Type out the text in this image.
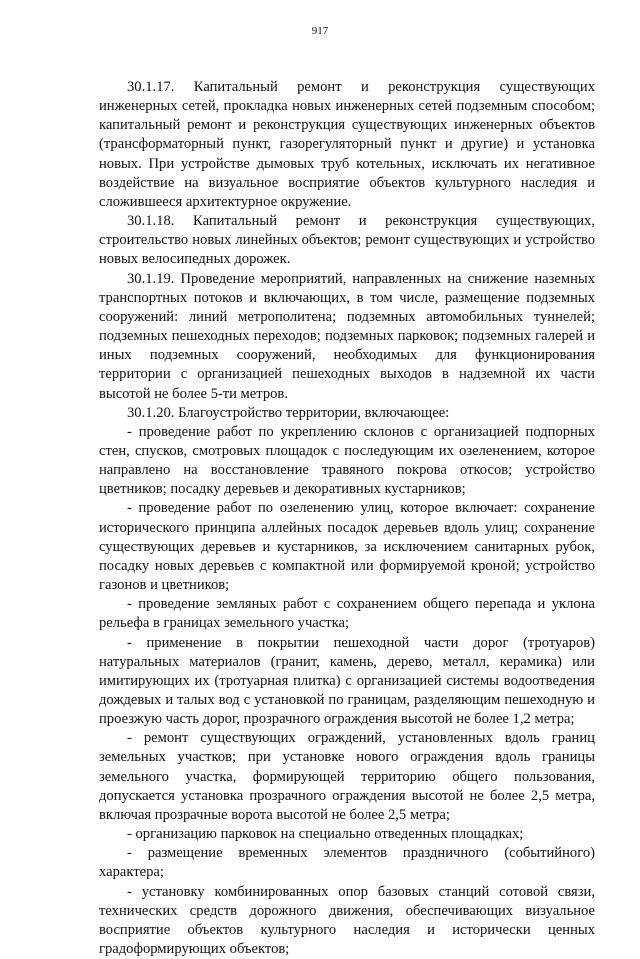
917

30.1.17. Капитальный ремонт и реконструкция существующих инженерных сетей, прокладка новых инженерных сетей подземным способом; капитальный ремонт и реконструкция существующих инженерных объектов (трансформаторный пункт, газорегуляторный пункт и другие) и установка новых. При устройстве дымовых труб котельных, исключать их негативное воздействие на визуальное восприятие объектов культурного наследия и сложившееся архитектурное окружение.

30.1.18. Капитальный ремонт и реконструкция существующих, строительство новых линейных объектов; ремонт существующих и устройство новых велосипедных дорожек.

30.1.19. Проведение мероприятий, направленных на снижение наземных транспортных потоков и включающих, в том числе, размещение подземных сооружений: линий метрополитена; подземных автомобильных туннелей; подземных пешеходных переходов; подземных парковок; подземных галерей и иных подземных сооружений, необходимых для функционирования территории с организацией пешеходных выходов в надземной их части высотой не более 5-ти метров.

30.1.20. Благоустройство территории, включающее:

- проведение работ по укреплению склонов с организацией подпорных стен, спусков, смотровых площадок с последующим их озеленением, которое направлено на восстановление травяного покрова откосов; устройство цветников; посадку деревьев и декоративных кустарников;

- проведение работ по озеленению улиц, которое включает: сохранение исторического принципа аллейных посадок деревьев вдоль улиц; сохранение существующих деревьев и кустарников, за исключением санитарных рубок, посадку новых деревьев с компактной или формируемой кроной; устройство газонов и цветников;

- проведение земляных работ с сохранением общего перепада и уклона рельефа в границах земельного участка;

- применение в покрытии пешеходной части дорог (тротуаров) натуральных материалов (гранит, камень, дерево, металл, керамика) или имитирующих их (тротуарная плитка) с организацией системы водоотведения дождевых и талых вод с установкой по границам, разделяющим пешеходную и проезжую часть дорог, прозрачного ограждения высотой не более 1,2 метра;

- ремонт существующих ограждений, установленных вдоль границ земельных участков; при установке нового ограждения вдоль границы земельного участка, формирующей территорию общего пользования, допускается установка прозрачного ограждения высотой не более 2,5 метра, включая прозрачные ворота высотой не более 2,5 метра;

- организацию парковок на специально отведенных площадках;

- размещение временных элементов праздничного (событийного) характера;

- установку комбинированных опор базовых станций сотовой связи, технических средств дорожного движения, обеспечивающих визуальное восприятие объектов культурного наследия и исторически ценных градоформирующих объектов;
